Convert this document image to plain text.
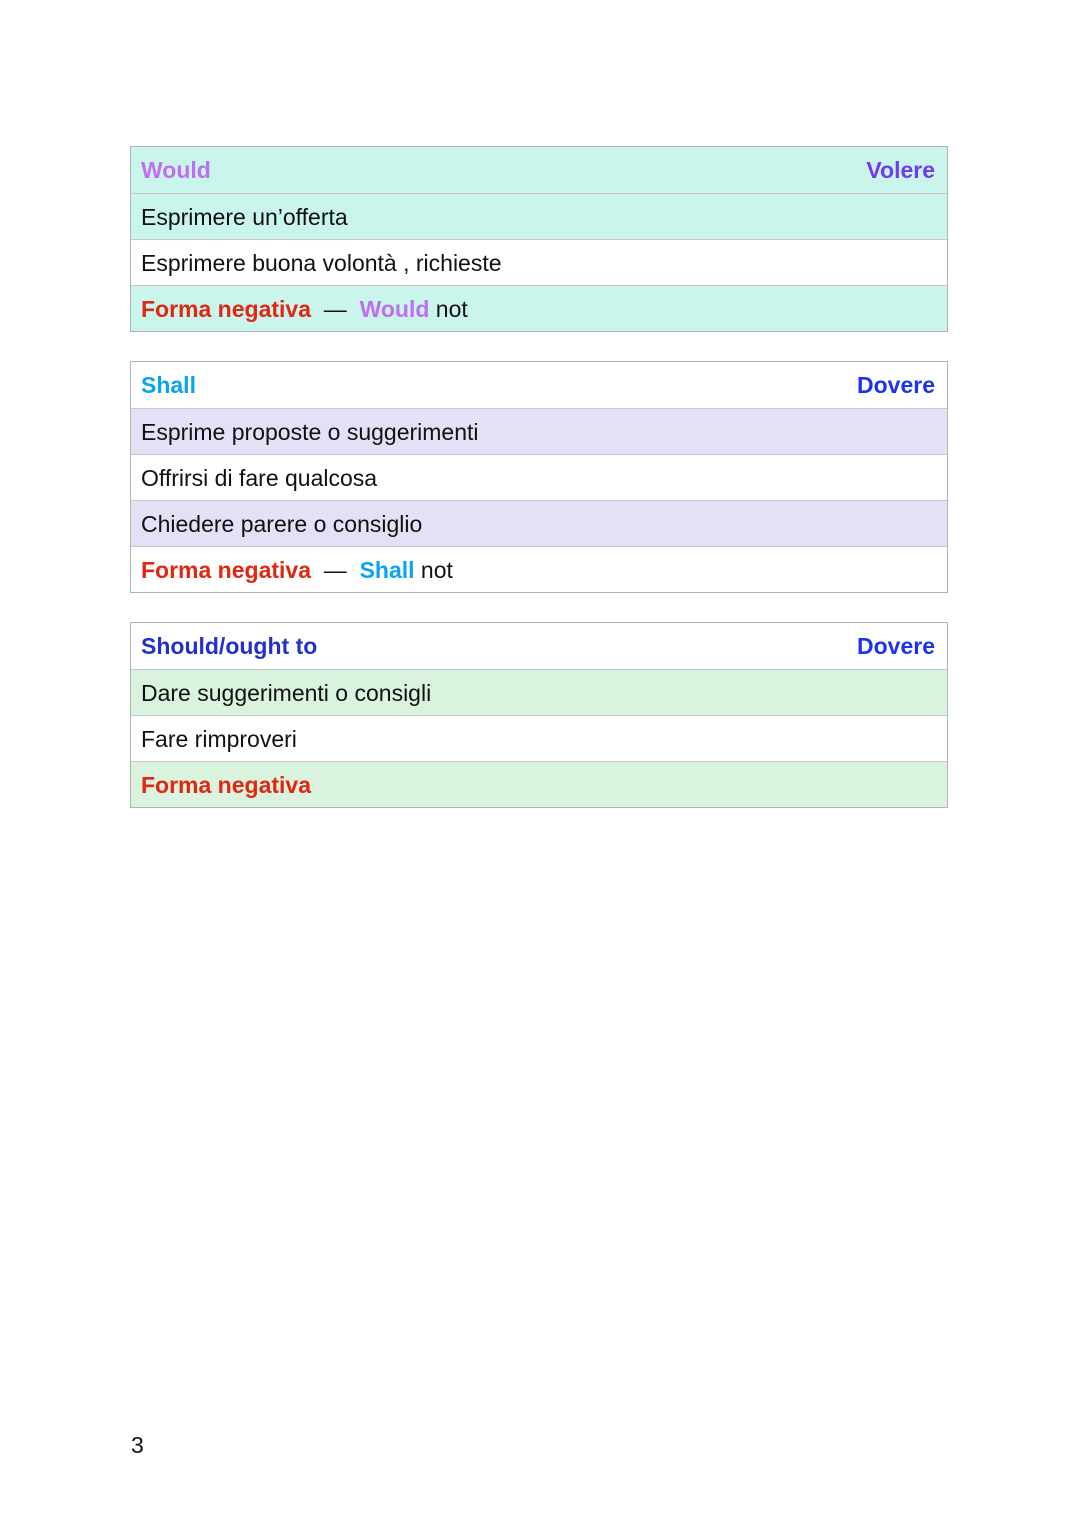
Would	Volere
Esprimere un’offerta
Esprimere buona volontà , richieste
Forma negativa — Would not
Shall	Dovere
Esprime proposte o suggerimenti
Offrirsi di fare qualcosa
Chiedere parere o consiglio
Forma negativa — Shall not
Should/ought to	Dovere
Dare suggerimenti o consigli
Fare rimproveri
Forma negativa
3
